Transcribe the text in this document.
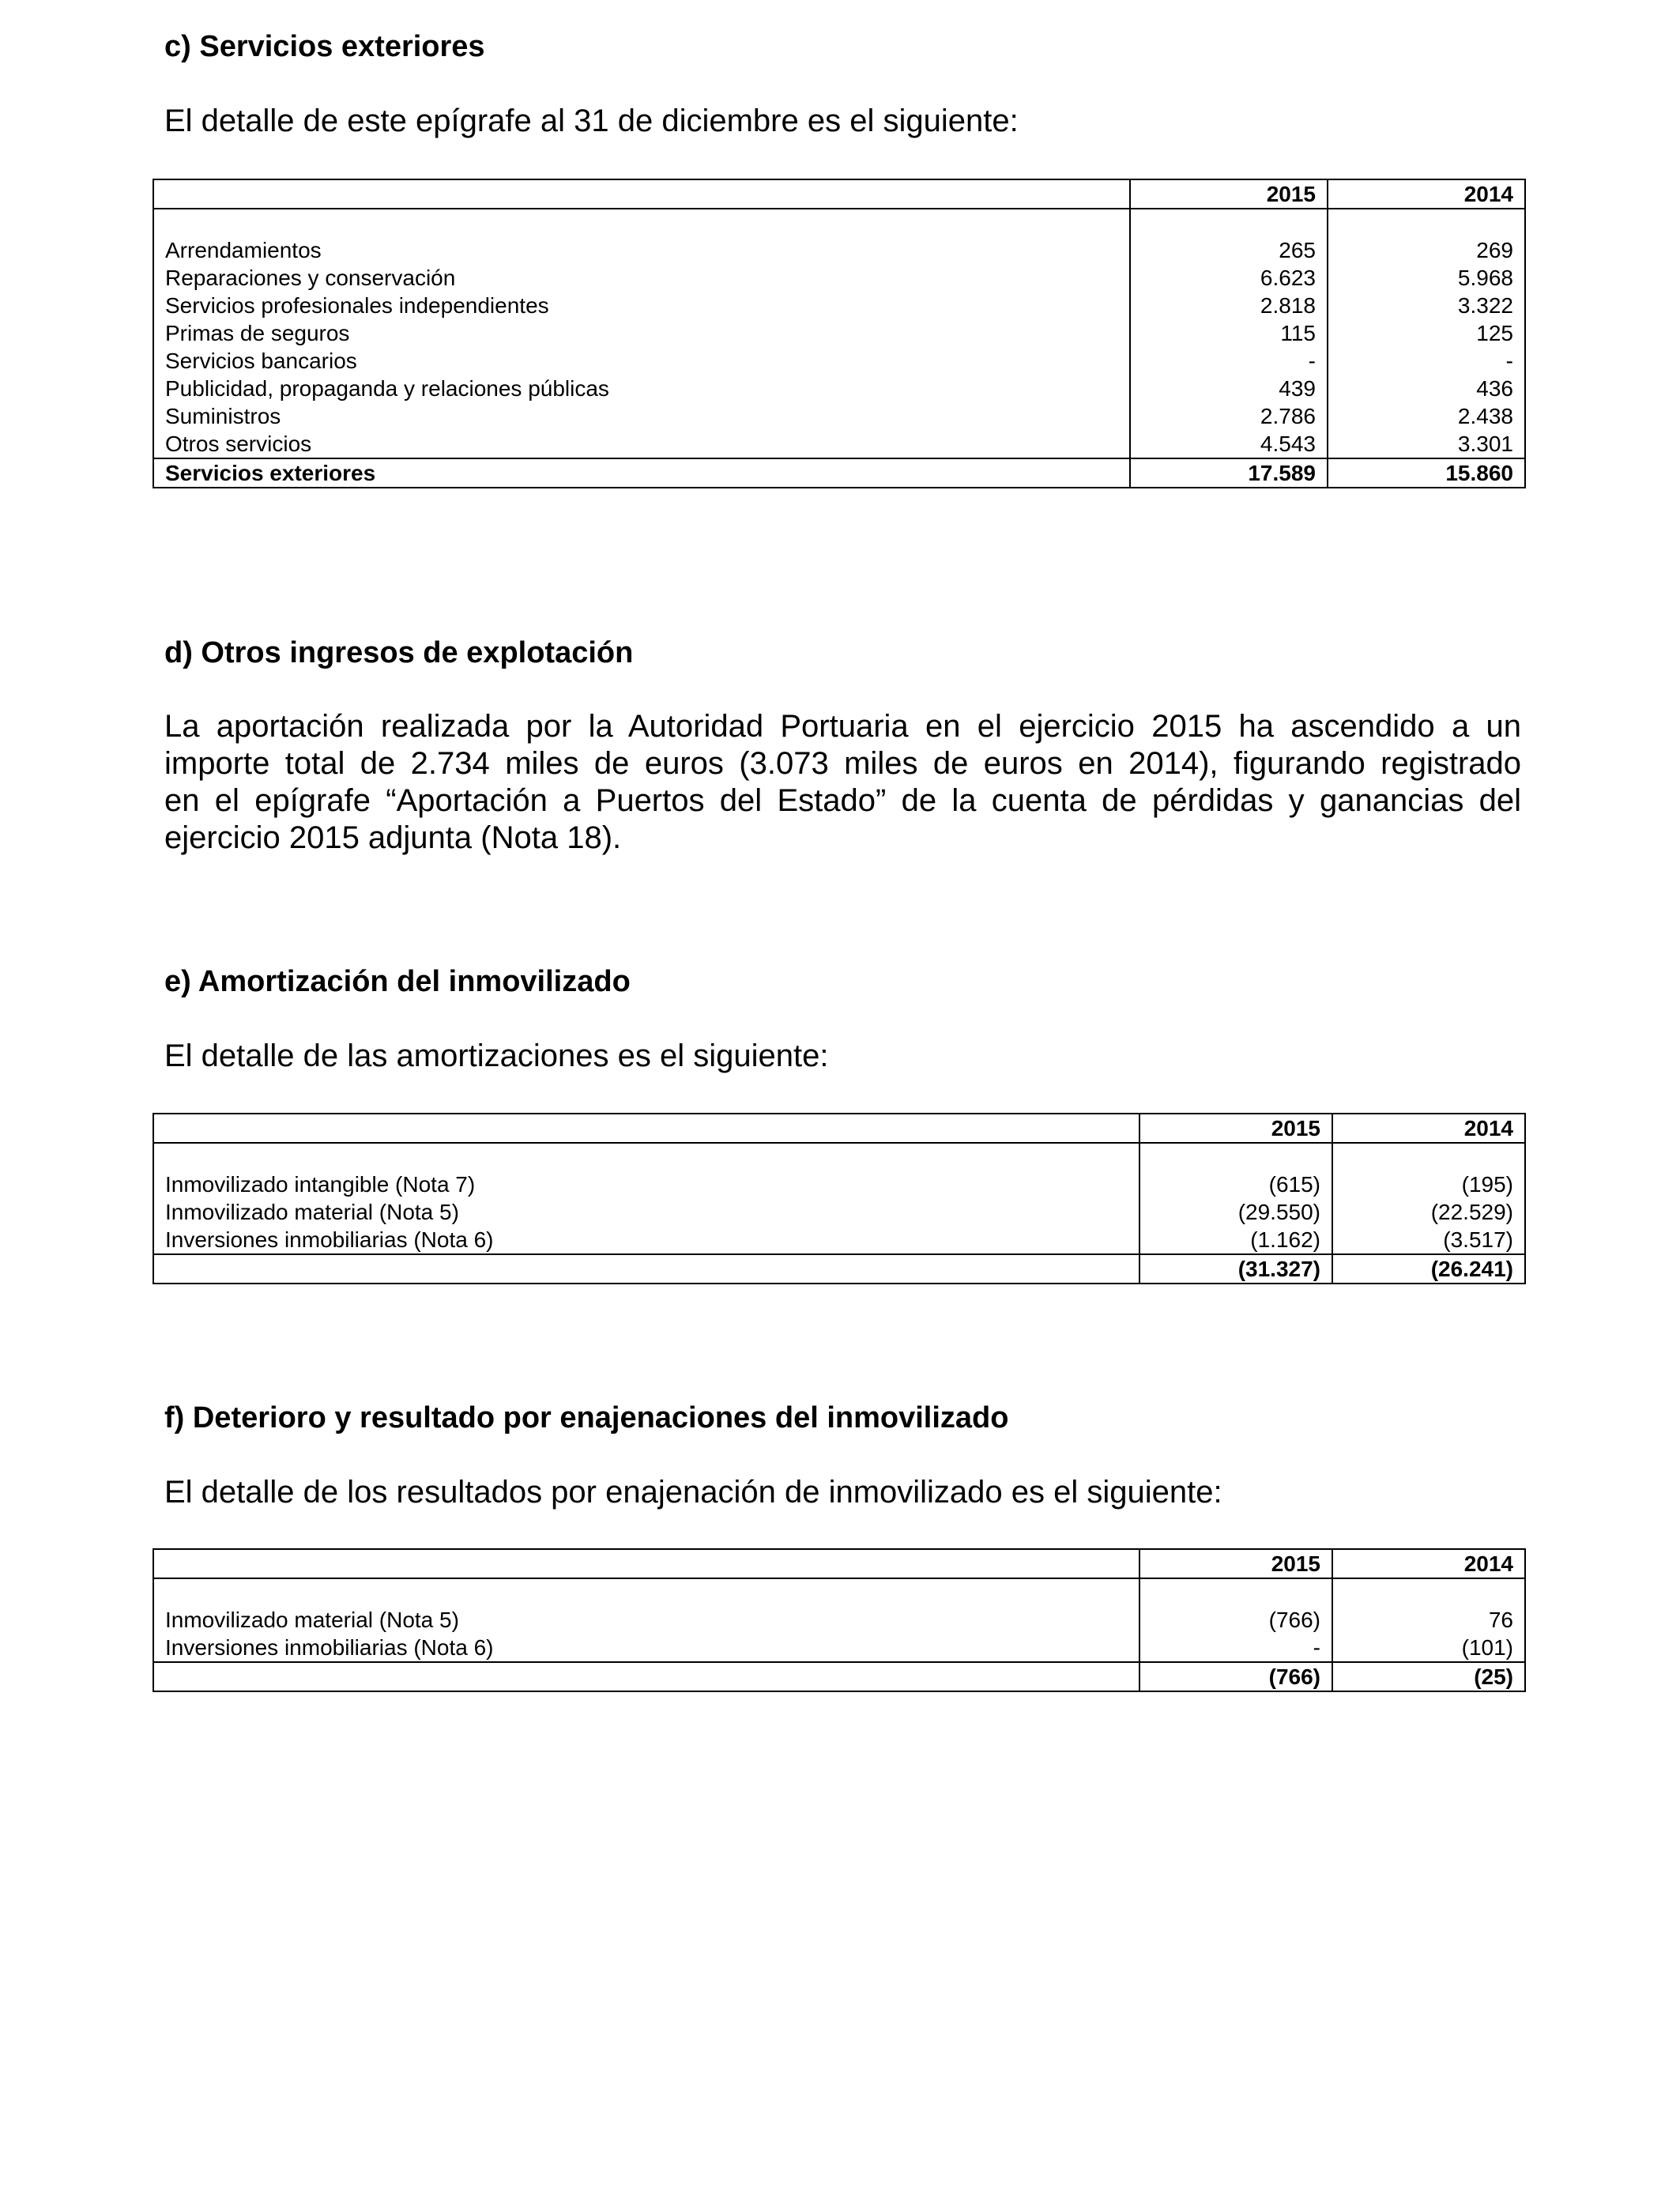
c) Servicios exteriores
El detalle de este epígrafe al 31 de diciembre es el siguiente:
	2015	2014

Arrendamientos	265	269
Reparaciones y conservación	6.623	5.968
Servicios profesionales independientes	2.818	3.322
Primas de seguros	115	125
Servicios bancarios	-	-
Publicidad, propaganda y relaciones públicas	439	436
Suministros	2.786	2.438
Otros servicios	4.543	3.301
Servicios exteriores	17.589	15.860
d) Otros ingresos de explotación
La aportación realizada por la Autoridad Portuaria en el ejercicio 2015 ha ascendido a un
importe total de 2.734 miles de euros (3.073 miles de euros en 2014), figurando registrado
en el epígrafe “Aportación a Puertos del Estado” de la cuenta de pérdidas y ganancias del
ejercicio 2015 adjunta (Nota 18).
e) Amortización del inmovilizado
El detalle de las amortizaciones es el siguiente:
	2015	2014

Inmovilizado intangible (Nota 7)	(615)	(195)
Inmovilizado material (Nota 5)	(29.550)	(22.529)
Inversiones inmobiliarias (Nota 6)	(1.162)	(3.517)
	(31.327)	(26.241)
f) Deterioro y resultado por enajenaciones del inmovilizado
El detalle de los resultados por enajenación de inmovilizado es el siguiente:
	2015	2014

Inmovilizado material (Nota 5)	(766)	76
Inversiones inmobiliarias (Nota 6)	-	(101)
	(766)	(25)
